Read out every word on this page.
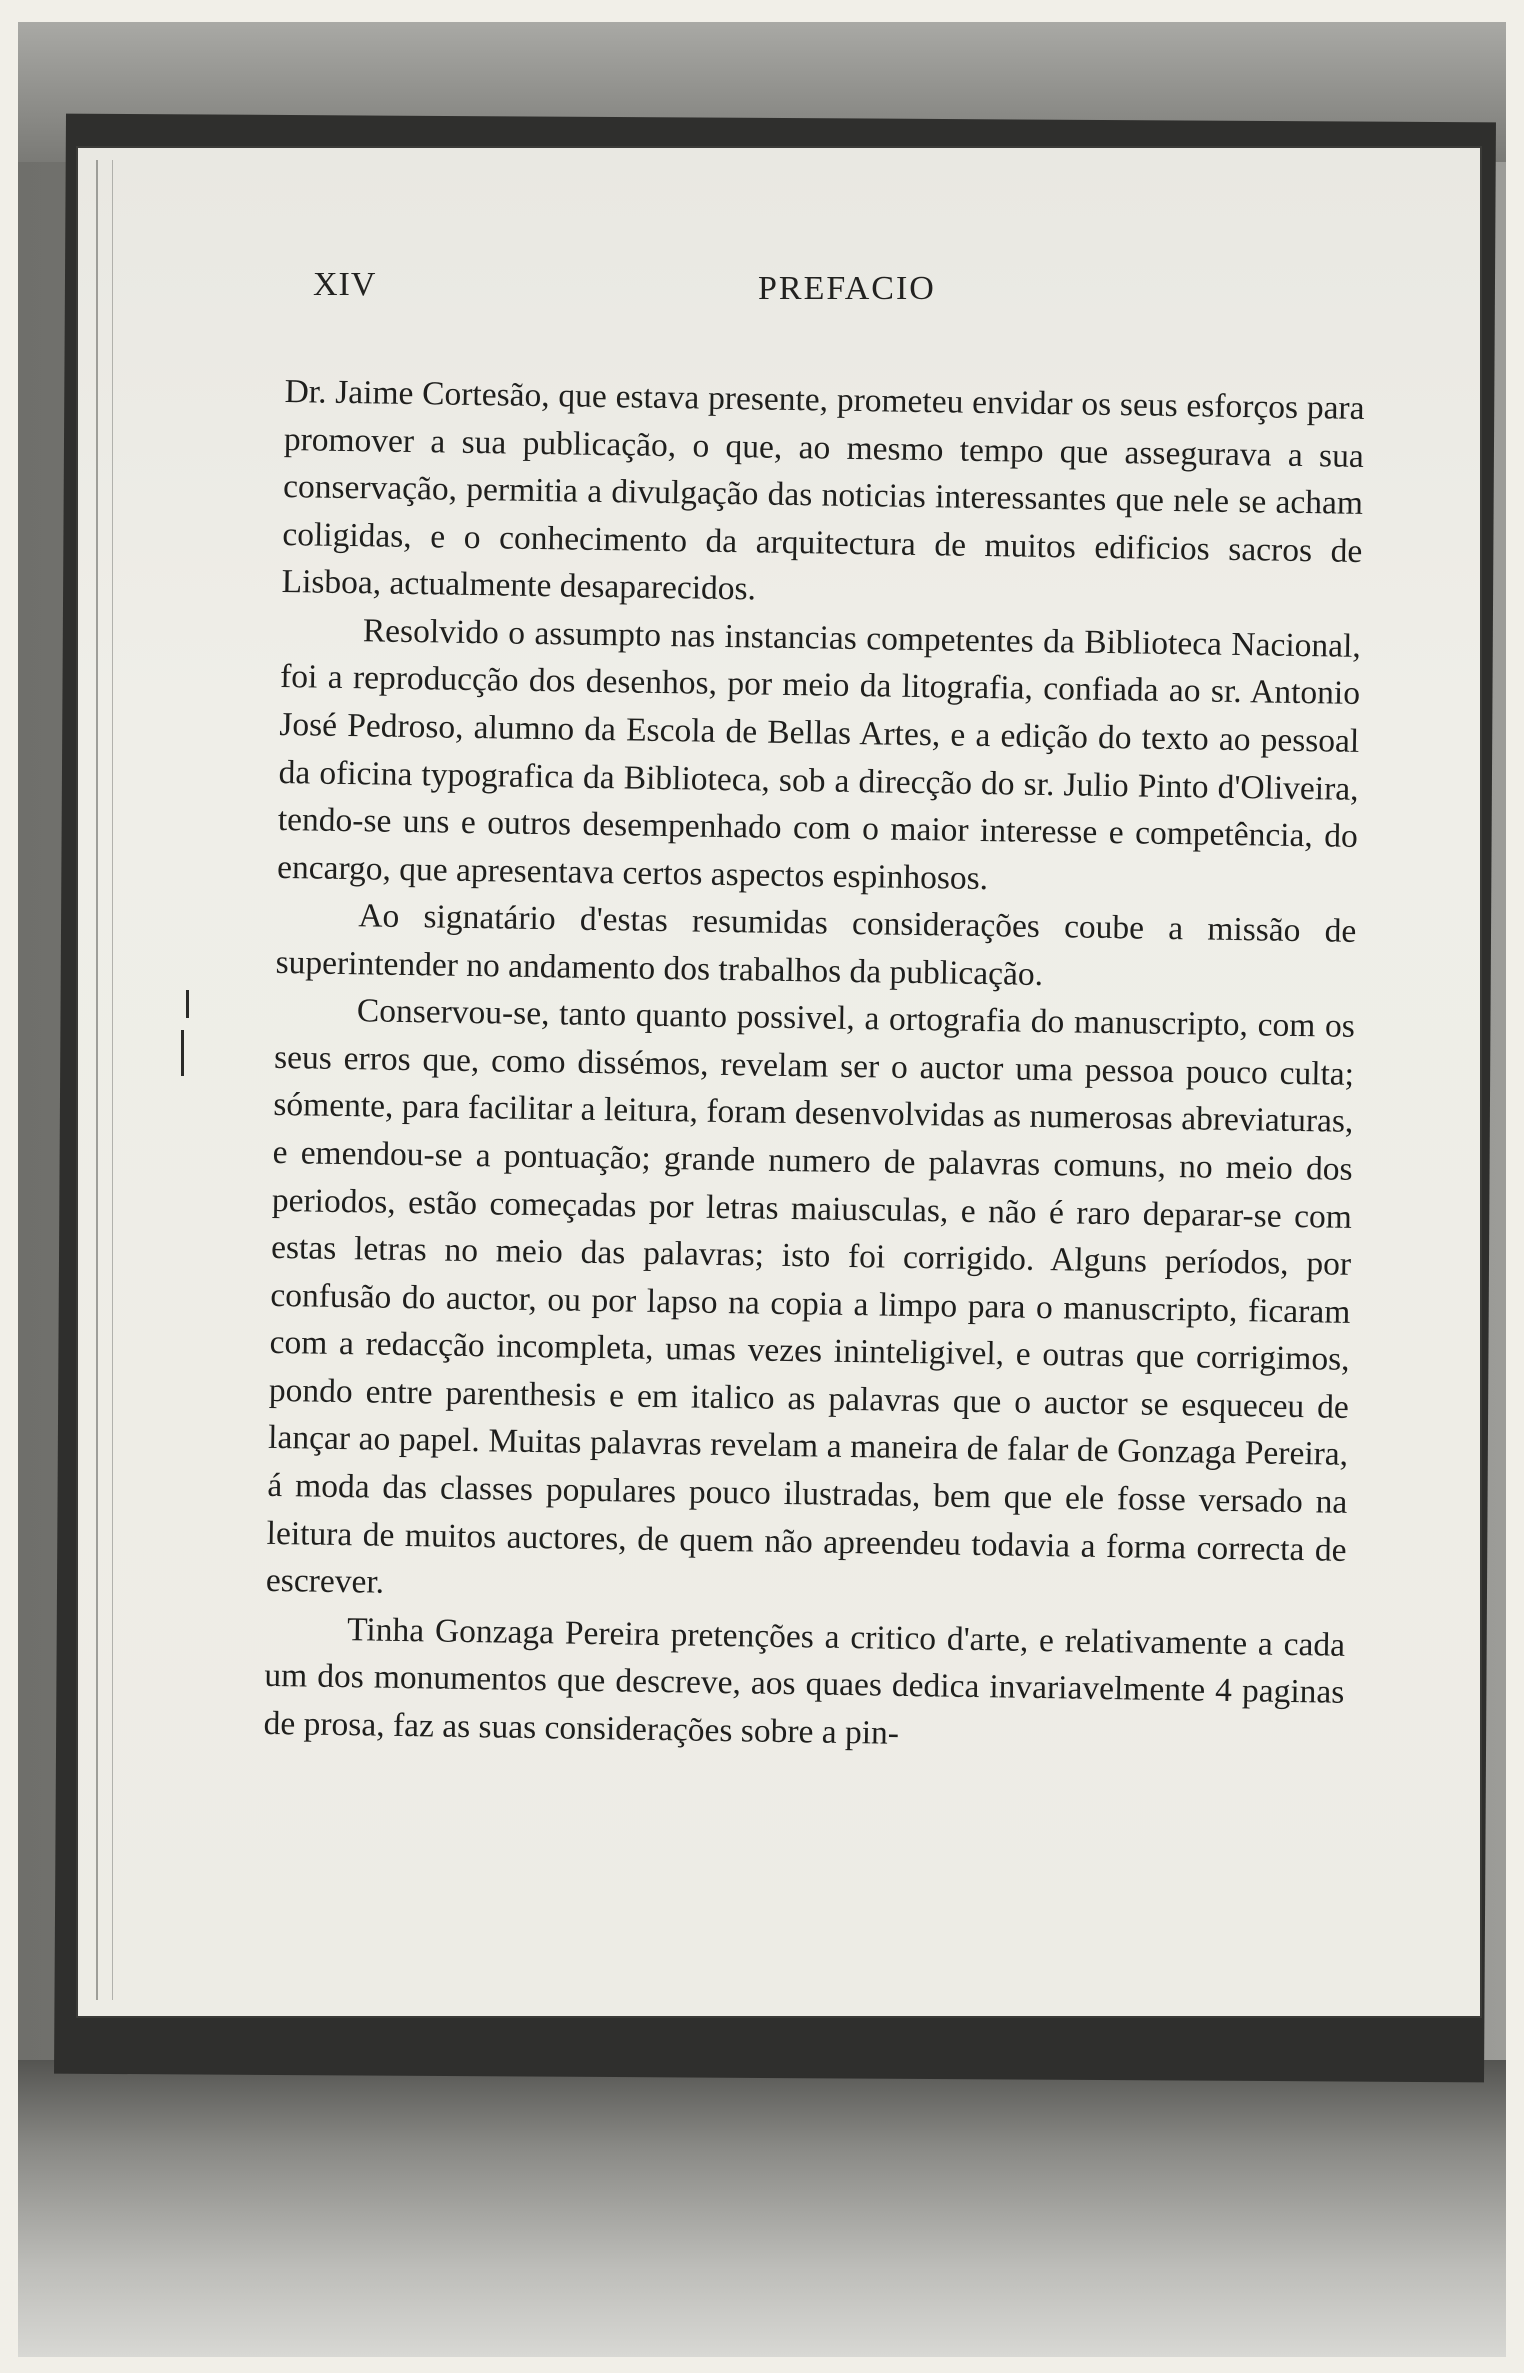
XIV	PREFACIO

Dr. Jaime Cortesão, que estava presente, prometeu envidar os seus esforços para promover a sua publicação, o que, ao mesmo tempo que assegurava a sua conservação, permitia a divulgação das noticias interessantes que nele se acham coligidas, e o conhecimento da arquitectura de muitos edificios sacros de Lisboa, actualmente desaparecidos.

Resolvido o assumpto nas instancias competentes da Biblioteca Nacional, foi a reproducção dos desenhos, por meio da litografia, confiada ao sr. Antonio José Pedroso, alumno da Escola de Bellas Artes, e a edição do texto ao pessoal da oficina typografica da Biblioteca, sob a direcção do sr. Julio Pinto d'Oliveira, tendo-se uns e outros desempenhado com o maior interesse e competência, do encargo, que apresentava certos aspectos espinhosos.

Ao signatário d'estas resumidas considerações coube a missão de superintender no andamento dos trabalhos da publicação.

Conservou-se, tanto quanto possivel, a ortografia do manuscripto, com os seus erros que, como dissémos, revelam ser o auctor uma pessoa pouco culta; sómente, para facilitar a leitura, foram desenvolvidas as numerosas abreviaturas, e emendou-se a pontuação; grande numero de palavras comuns, no meio dos periodos, estão começadas por letras maiusculas, e não é raro deparar-se com estas letras no meio das palavras; isto foi corrigido. Alguns períodos, por confusão do auctor, ou por lapso na copia a limpo para o manuscripto, ficaram com a redacção incompleta, umas vezes ininteligivel, e outras que corrigimos, pondo entre parenthesis e em italico as palavras que o auctor se esqueceu de lançar ao papel. Muitas palavras revelam a maneira de falar de Gonzaga Pereira, á moda das classes populares pouco ilustradas, bem que ele fosse versado na leitura de muitos auctores, de quem não apreendeu todavia a forma correcta de escrever.

Tinha Gonzaga Pereira pretenções a critico d'arte, e relativamente a cada um dos monumentos que descreve, aos quaes dedica invariavelmente 4 paginas de prosa, faz as suas considerações sobre a pin-
